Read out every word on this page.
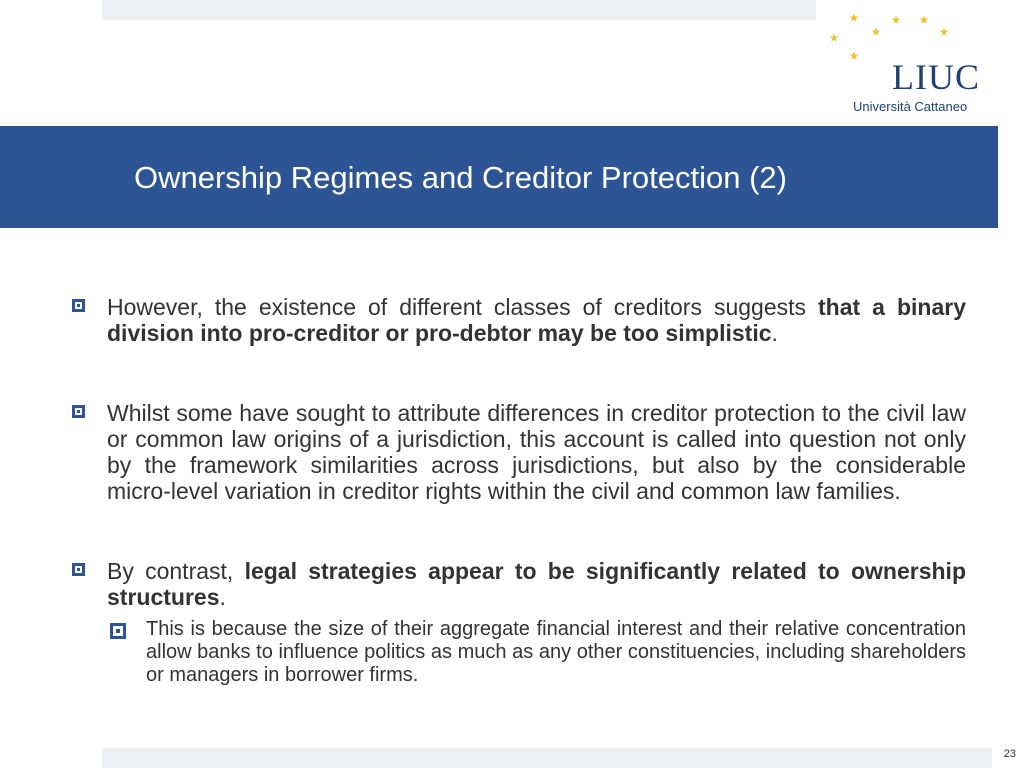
LIUC
Università Cattaneo
Ownership Regimes and Creditor Protection (2)
However, the existence of different classes of creditors suggests that a binary division into pro-creditor or pro-debtor may be too simplistic.
Whilst some have sought to attribute differences in creditor protection to the civil law or common law origins of a jurisdiction, this account is called into question not only by the framework similarities across jurisdictions, but also by the considerable micro-level variation in creditor rights within the civil and common law families.
By contrast, legal strategies appear to be significantly related to ownership structures.
This is because the size of their aggregate financial interest and their relative concentration allow banks to influence politics as much as any other constituencies, including shareholders or managers in borrower firms.
23
